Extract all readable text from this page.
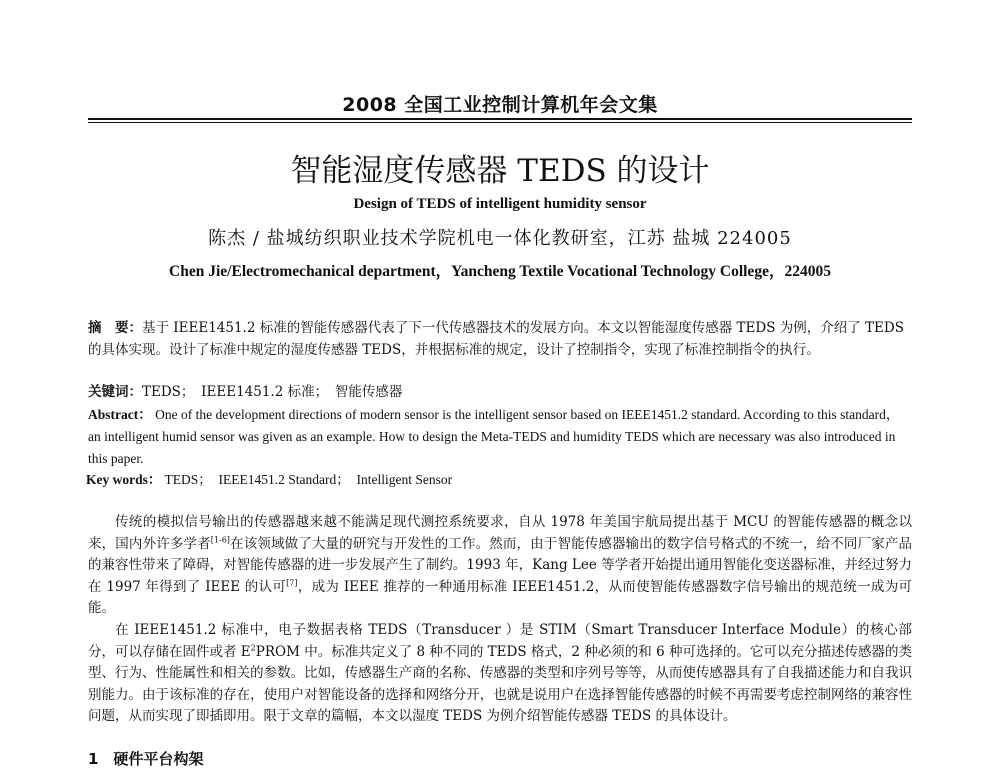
2008 全国工业控制计算机年会文集
智能湿度传感器 TEDS 的设计
Design of TEDS of intelligent humidity sensor
陈杰 / 盐城纺织职业技术学院机电一体化教研室，江苏 盐城 224005
Chen Jie/Electromechanical department，Yancheng Textile Vocational Technology College，224005
摘　要：基于 IEEE1451.2 标准的智能传感器代表了下一代传感器技术的发展方向。本文以智能湿度传感器 TEDS 为例，介绍了 TEDS 的具体实现。设计了标准中规定的湿度传感器 TEDS，并根据标准的规定，设计了控制指令，实现了标准控制指令的执行。
关键词：TEDS；　IEEE1451.2 标准；　智能传感器
Abstract： One of the development directions of modern sensor is the intelligent sensor based on IEEE1451.2 standard. According to this standard，an intelligent humid sensor was given as an example. How to design the Meta-TEDS and humidity TEDS which are necessary was also introduced in this paper.
Key words： TEDS；　IEEE1451.2 Standard；　Intelligent Sensor

传统的模拟信号输出的传感器越来越不能满足现代测控系统要求，自从 1978 年美国宇航局提出基于 MCU 的智能传感器的概念以来，国内外许多学者[1-6]在该领域做了大量的研究与开发性的工作。然而，由于智能传感器输出的数字信号格式的不统一，给不同厂家产品的兼容性带来了障碍，对智能传感器的进一步发展产生了制约。1993 年，Kang Lee 等学者开始提出通用智能化变送器标准，并经过努力在 1997 年得到了 IEEE 的认可[7]，成为 IEEE 推荐的一种通用标准 IEEE1451.2，从而使智能传感器数字信号输出的规范统一成为可能。

在 IEEE1451.2 标准中，电子数据表格 TEDS（Transducer ）是 STIM（Smart Transducer Interface Module）的核心部分，可以存储在固件或者 $E^2PROM$ 中。标准共定义了 8 种不同的 TEDS 格式，2 种必须的和 6 种可选择的。它可以充分描述传感器的类型、行为、性能属性和相关的参数。比如，传感器生产商的名称、传感器的类型和序列号等等，从而使传感器具有了自我描述能力和自我识别能力。由于该标准的存在，使用户对智能设备的选择和网络分开，也就是说用户在选择智能传感器的时候不再需要考虑控制网络的兼容性问题，从而实现了即插即用。限于文章的篇幅，本文以湿度 TEDS 为例介绍智能传感器 TEDS 的具体设计。

1　硬件平台构架
